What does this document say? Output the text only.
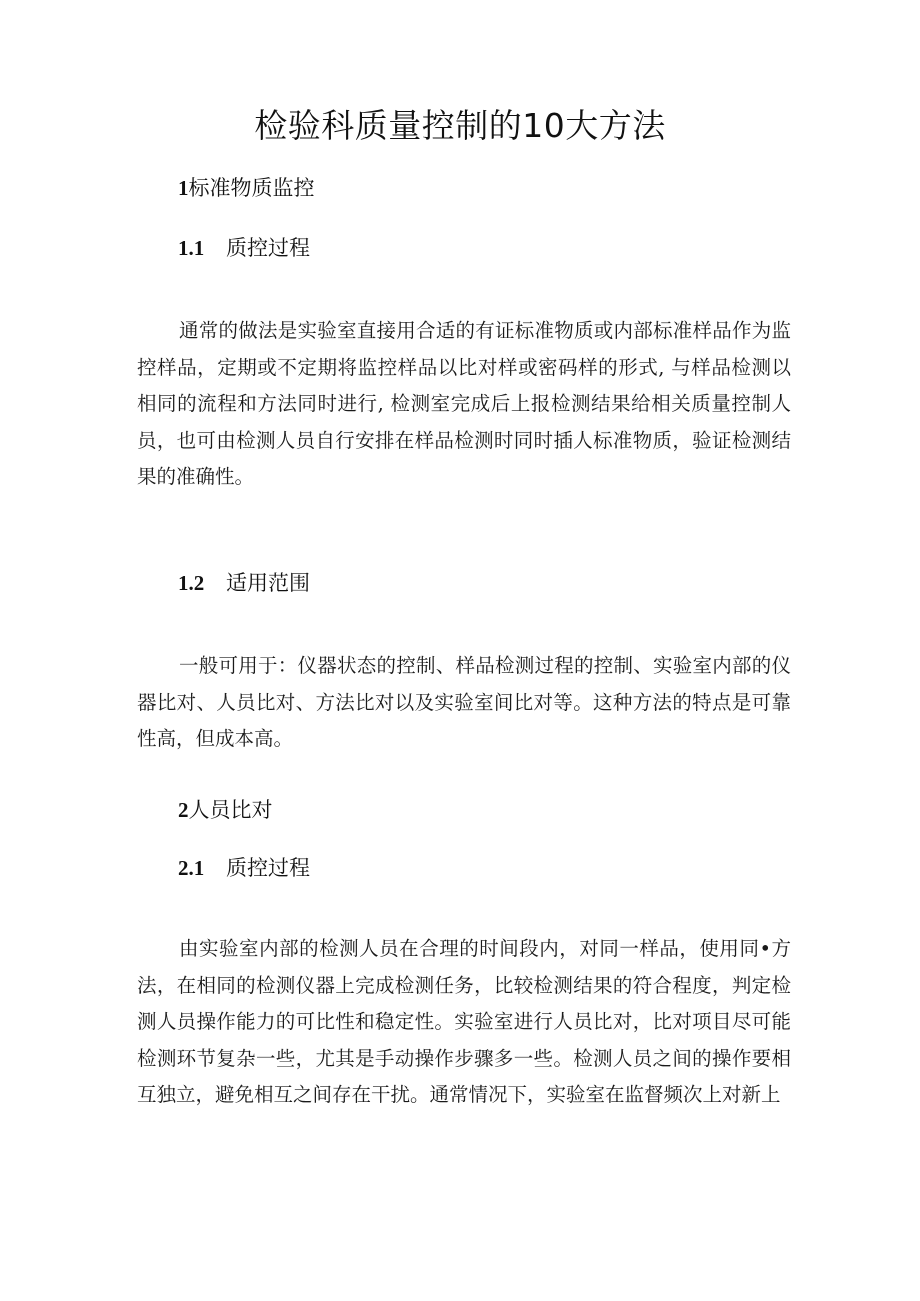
检验科质量控制的10大方法
1标准物质监控
1.1 质控过程

通常的做法是实验室直接用合适的有证标准物质或内部标准样品作为监控样品，定期或不定期将监控样品以比对样或密码样的形式, 与样品检测以相同的流程和方法同时进行, 检测室完成后上报检测结果给相关质量控制人员，也可由检测人员自行安排在样品检测时同时插人标准物质，验证检测结果的准确性。

1.2 适用范围

一般可用于：仪器状态的控制、样品检测过程的控制、实验室内部的仪器比对、人员比对、方法比对以及实验室间比对等。这种方法的特点是可靠性高，但成本高。

2人员比对
2.1 质控过程

由实验室内部的检测人员在合理的时间段内，对同一样品，使用同•方法，在相同的检测仪器上完成检测任务，比较检测结果的符合程度，判定检测人员操作能力的可比性和稳定性。实验室进行人员比对，比对项目尽可能检测环节复杂一些，尤其是手动操作步骤多一些。检测人员之间的操作要相互独立，避免相互之间存在干扰。通常情况下，实验室在监督频次上对新上
